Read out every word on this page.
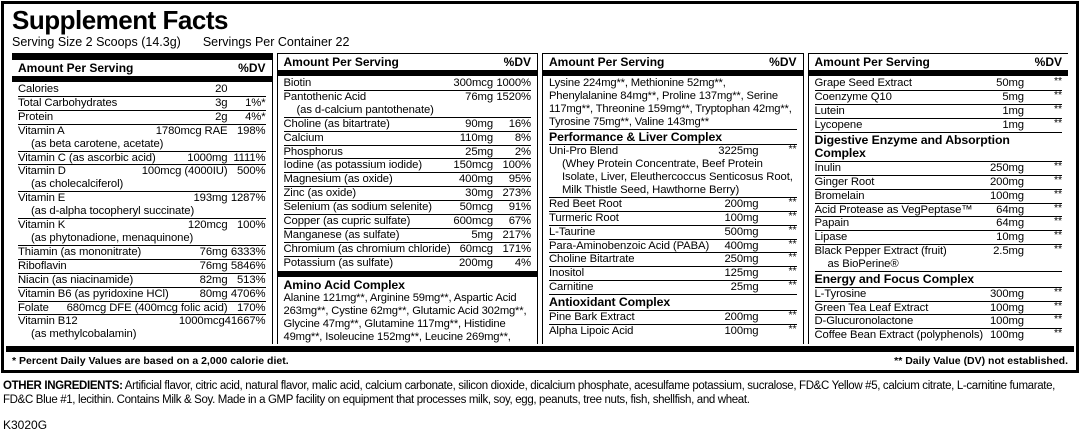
Supplement Facts
Serving Size 2 Scoops (14.3g) Servings Per Container 22
Amount Per Serving	%DV
Calories	20
Total Carbohydrates	3g	1%*
Protein	2g	4%*
Vitamin A	1780mcg RAE 198%
(as beta carotene, acetate)
Vitamin C (as ascorbic acid)	1000mg 1111%
Vitamin D	100mcg (4000IU) 500%
(as cholecalciferol)
Vitamin E	193mg 1287%
(as d-alpha tocopheryl succinate)
Vitamin K	120mcg 100%
(as phytonadione, menaquinone)
Thiamin (as mononitrate)	76mg 6333%
Riboflavin	76mg 5846%
Niacin (as niacinamide)	82mg 513%
Vitamin B6 (as pyridoxine HCl)	80mg 4706%
Folate	680mcg DFE (400mcg folic acid) 170%
Vitamin B12	1000mcg 41667%
(as methylcobalamin)
Amount Per Serving	%DV
Biotin	300mcg 1000%
Pantothenic Acid	76mg 1520%
(as d-calcium pantothenate)
Choline (as bitartrate)	90mg	16%
Calcium	110mg	8%
Phosphorus	25mg	2%
Iodine (as potassium iodide)	150mcg 100%
Magnesium (as oxide)	400mg	95%
Zinc (as oxide)	30mg 273%
Selenium (as sodium selenite)	50mcg	91%
Copper (as cupric sulfate)	600mcg	67%
Manganese (as sulfate)	5mg 217%
Chromium (as chromium chloride) 60mcg 171%
Potassium (as sulfate)	200mg	4%
Amino Acid Complex
Alanine 121mg**, Arginine 59mg**, Aspartic Acid 263mg**, Cystine 62mg**, Glutamic Acid 302mg**, Glycine 47mg**, Glutamine 117mg**, Histidine 49mg**, Isoleucine 152mg**, Leucine 269mg**,
Amount Per Serving	%DV
Lysine 224mg**, Methionine 52mg**, Phenylalanine 84mg**, Proline 137mg**, Serine 117mg**, Threonine 159mg**, Tryptophan 42mg**, Tyrosine 75mg**, Valine 143mg**
Performance & Liver Complex
Uni-Pro Blend	3225mg	**
(Whey Protein Concentrate, Beef Protein Isolate, Liver, Eleuthercoccus Senticosus Root, Milk Thistle Seed, Hawthorne Berry)
Red Beet Root	200mg	**
Turmeric Root	100mg	**
L-Taurine	500mg	**
Para-Aminobenzoic Acid (PABA)	400mg	**
Choline Bitartrate	250mg	**
Inositol	125mg	**
Carnitine	25mg	**
Antioxidant Complex
Pine Bark Extract	200mg	**
Alpha Lipoic Acid	100mg	**
Amount Per Serving	%DV
Grape Seed Extract	50mg	**
Coenzyme Q10	5mg	**
Lutein	1mg	**
Lycopene	1mg	**
Digestive Enzyme and Absorption Complex
Inulin	250mg	**
Ginger Root	200mg	**
Bromelain	100mg	**
Acid Protease as VegPeptase™	64mg	**
Papain	64mg	**
Lipase	10mg	**
Black Pepper Extract (fruit)	2.5mg	**
as BioPerine®
Energy and Focus Complex
L-Tyrosine	300mg	**
Green Tea Leaf Extract	100mg	**
D-Glucuronolactone	100mg	**
Coffee Bean Extract (polyphenols) 100mg	**
* Percent Daily Values are based on a 2,000 calorie diet.	** Daily Value (DV) not established.
OTHER INGREDIENTS: Artificial flavor, citric acid, natural flavor, malic acid, calcium carbonate, silicon dioxide, dicalcium phosphate, acesulfame potassium, sucralose, FD&C Yellow #5, calcium citrate, L-carnitine fumarate, FD&C Blue #1, lecithin. Contains Milk & Soy. Made in a GMP facility on equipment that processes milk, soy, egg, peanuts, tree nuts, fish, shellfish, and wheat.
K3020G
